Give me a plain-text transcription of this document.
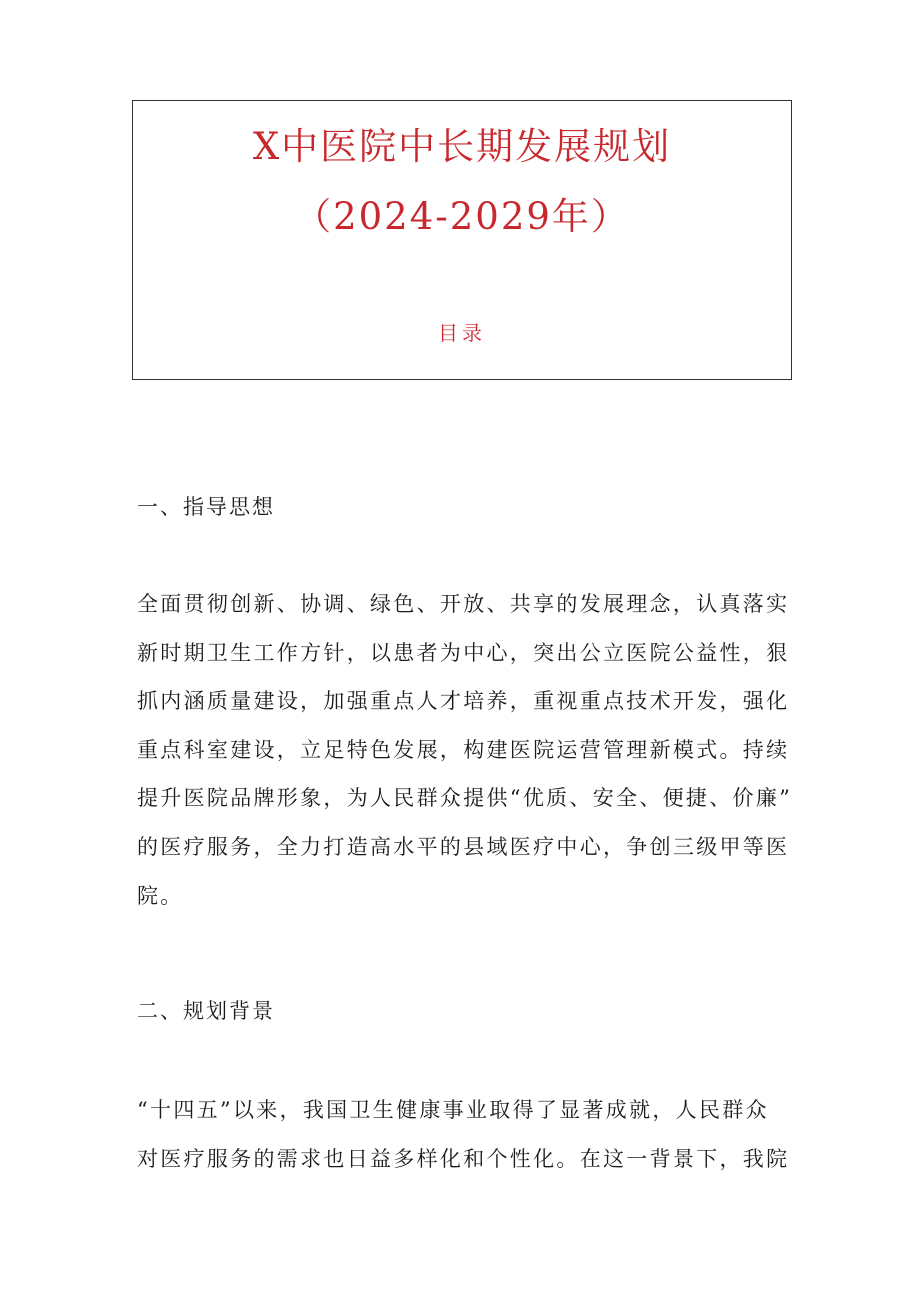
X中医院中长期发展规划
（2024-2029年）
目录
一、指导思想
全面贯彻创新、协调、绿色、开放、共享的发展理念，认真落实
新时期卫生工作方针，以患者为中心，突出公立医院公益性，狠
抓内涵质量建设，加强重点人才培养，重视重点技术开发，强化
重点科室建设，立足特色发展，构建医院运营管理新模式。持续
提升医院品牌形象，为人民群众提供“优质、安全、便捷、价廉”
的医疗服务，全力打造高水平的县域医疗中心，争创三级甲等医
院。
二、规划背景
“十四五”以来，我国卫生健康事业取得了显著成就，人民群众
对医疗服务的需求也日益多样化和个性化。在这一背景下，我院
